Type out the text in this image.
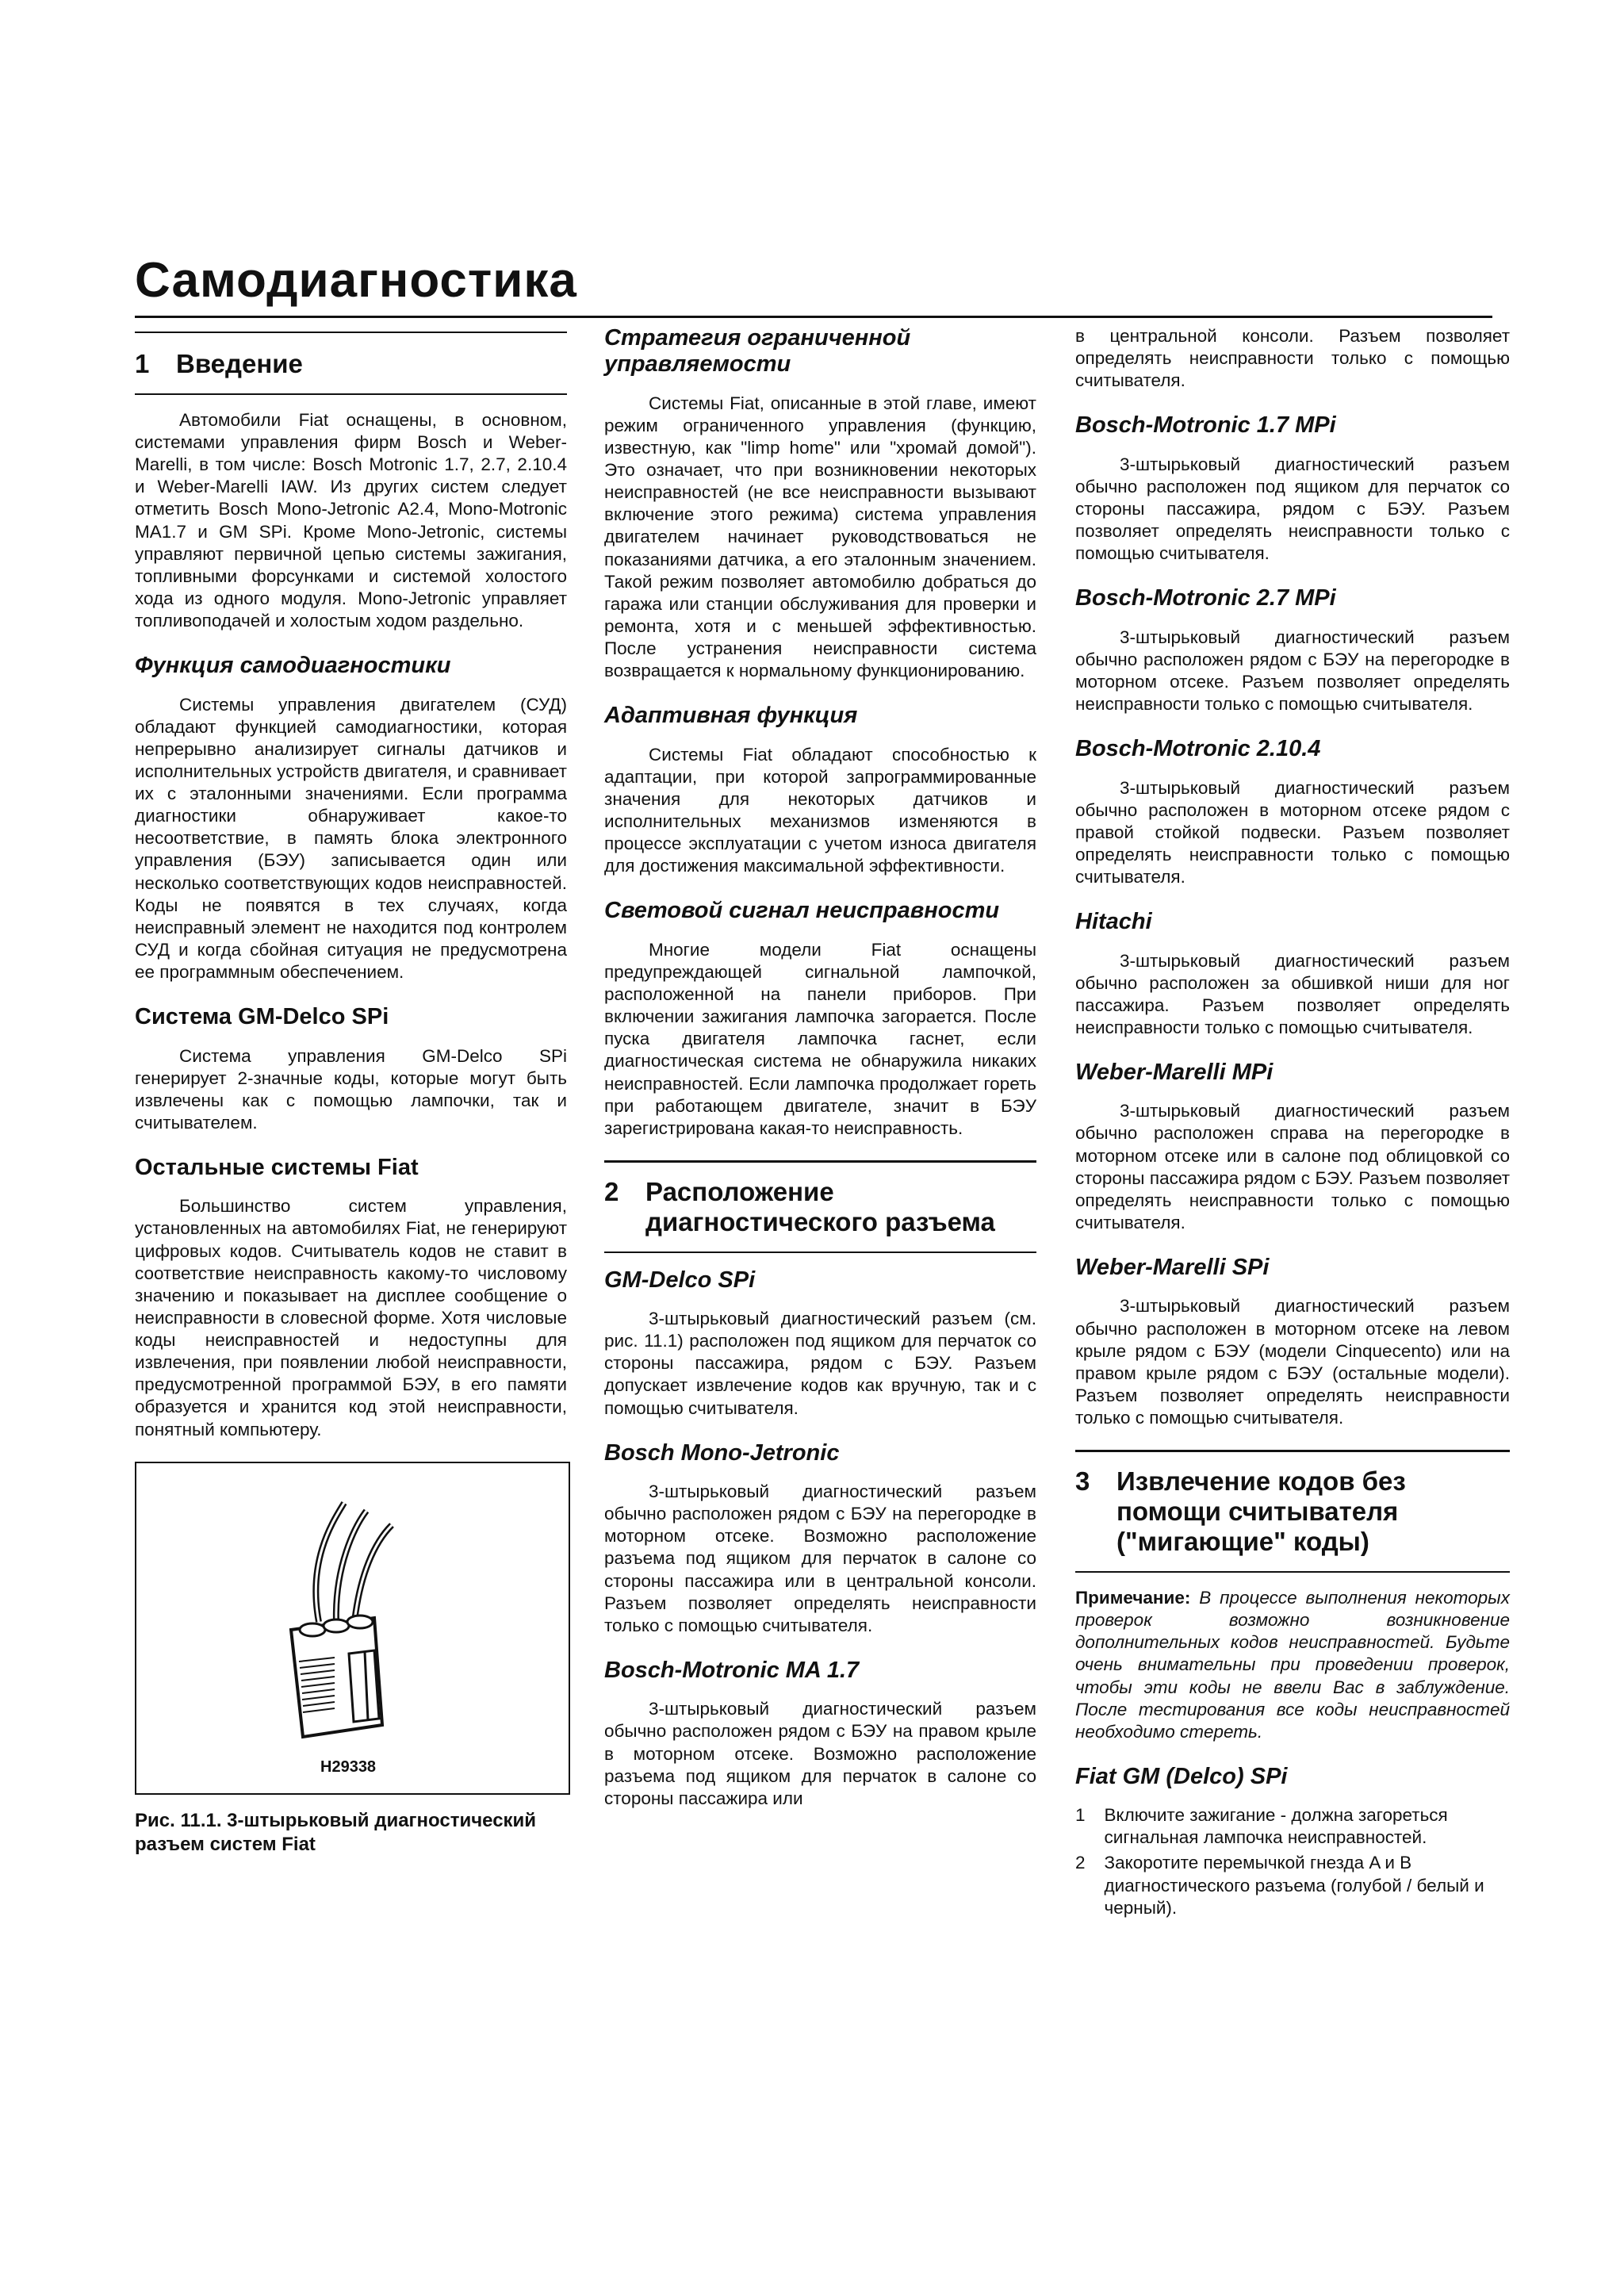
Самодиагностика
1 Введение

Автомобили Fiat оснащены, в основном, системами управления фирм Bosch и Weber-Marelli, в том числе: Bosch Motronic 1.7, 2.7, 2.10.4 и Weber-Marelli IAW. Из других систем следует отметить Bosch Mono-Jetronic A2.4, Mono-Motronic MA1.7 и GM SPi. Кроме Mono-Jetronic, системы управляют первичной цепью системы зажигания, топливными форсунками и системой холостого хода из одного модуля. Mono-Jetronic управляет топливоподачей и холостым ходом раздельно.

Функция самодиагностики

Системы управления двигателем (СУД) обладают функцией самодиагностики, которая непрерывно анализирует сигналы датчиков и исполнительных устройств двигателя, и сравнивает их с эталонными значениями. Если программа диагностики обнаруживает какое-то несоответствие, в память блока электронного управления (БЭУ) записывается один или несколько соответствующих кодов неисправностей. Коды не появятся в тех случаях, когда неисправный элемент не находится под контролем СУД и когда сбойная ситуация не предусмотрена ее программным обеспечением.

Система GM-Delco SPi

Система управления GM-Delco SPi генерирует 2-значные коды, которые могут быть извлечены как с помощью лампочки, так и считывателем.

Остальные системы Fiat

Большинство систем управления, установленных на автомобилях Fiat, не генерируют цифровых кодов. Считыватель кодов не ставит в соответствие неисправность какому-то числовому значению и показывает на дисплее сообщение о неисправности в словесной форме. Хотя числовые коды неисправностей и недоступны для извлечения, при появлении любой неисправности, предусмотренной программой БЭУ, в его памяти образуется и хранится код этой неисправности, понятный компьютеру.

H29338
Рис. 11.1. 3-штырьковый диагностический разъем систем Fiat
Стратегия ограниченной управляемости

Системы Fiat, описанные в этой главе, имеют режим ограниченного управления (функцию, известную, как "limp home" или "хромай домой"). Это означает, что при возникновении некоторых неисправностей (не все неисправности вызывают включение этого режима) система управления двигателем начинает руководствоваться не показаниями датчика, а его эталонным значением. Такой режим позволяет автомобилю добраться до гаража или станции обслуживания для проверки и ремонта, хотя и с меньшей эффективностью. После устранения неисправности система возвращается к нормальному функционированию.

Адаптивная функция

Системы Fiat обладают способностью к адаптации, при которой запрограммированные значения для некоторых датчиков и исполнительных механизмов изменяются в процессе эксплуатации с учетом износа двигателя для достижения максимальной эффективности.

Световой сигнал неисправности

Многие модели Fiat оснащены предупреждающей сигнальной лампочкой, расположенной на панели приборов. При включении зажигания лампочка загорается. После пуска двигателя лампочка гаснет, если диагностическая система не обнаружила никаких неисправностей. Если лампочка продолжает гореть при работающем двигателе, значит в БЭУ зарегистрирована какая-то неисправность.

2 Расположение диагностического разъема
GM-Delco SPi

3-штырьковый диагностический разъем (см. рис. 11.1) расположен под ящиком для перчаток со стороны пассажира, рядом с БЭУ. Разъем допускает извлечение кодов как вручную, так и с помощью считывателя.

Bosch Mono-Jetronic

3-штырьковый диагностический разъем обычно расположен рядом с БЭУ на перегородке в моторном отсеке. Возможно расположение разъема под ящиком для перчаток в салоне со стороны пассажира или в центральной консоли. Разъем позволяет определять неисправности только с помощью считывателя.

Bosch-Motronic MA 1.7

3-штырьковый диагностический разъем обычно расположен рядом с БЭУ на правом крыле в моторном отсеке. Возможно расположение разъема под ящиком для перчаток в салоне со стороны пассажира или

в центральной консоли. Разъем позволяет определять неисправности только с помощью считывателя.

Bosch-Motronic 1.7 MPi

3-штырьковый диагностический разъем обычно расположен под ящиком для перчаток со стороны пассажира, рядом с БЭУ. Разъем позволяет определять неисправности только с помощью считывателя.

Bosch-Motronic 2.7 MPi

3-штырьковый диагностический разъем обычно расположен рядом с БЭУ на перегородке в моторном отсеке. Разъем позволяет определять неисправности только с помощью считывателя.

Bosch-Motronic 2.10.4

3-штырьковый диагностический разъем обычно расположен в моторном отсеке рядом с правой стойкой подвески. Разъем позволяет определять неисправности только с помощью считывателя.

Hitachi

3-штырьковый диагностический разъем обычно расположен за обшивкой ниши для ног пассажира. Разъем позволяет определять неисправности только с помощью считывателя.

Weber-Marelli MPi

3-штырьковый диагностический разъем обычно расположен справа на перегородке в моторном отсеке или в салоне под облицовкой со стороны пассажира рядом с БЭУ. Разъем позволяет определять неисправности только с помощью считывателя.

Weber-Marelli SPi

3-штырьковый диагностический разъем обычно расположен в моторном отсеке на левом крыле рядом с БЭУ (модели Cinquecento) или на правом крыле рядом с БЭУ (остальные модели). Разъем позволяет определять неисправности только с помощью считывателя.

3 Извлечение кодов без помощи считывателя ("мигающие" коды)
Примечание: В процессе выполнения некоторых проверок возможно возникновение дополнительных кодов неисправностей. Будьте очень внимательны при проведении проверок, чтобы эти коды не ввели Вас в заблуждение. После тестирования все коды неисправностей необходимо стереть.
Fiat GM (Delco) SPi
1 Включите зажигание - должна загореться сигнальная лампочка неисправностей.
2 Закоротите перемычкой гнезда A и B диагностического разъема (голубой / белый и черный).
